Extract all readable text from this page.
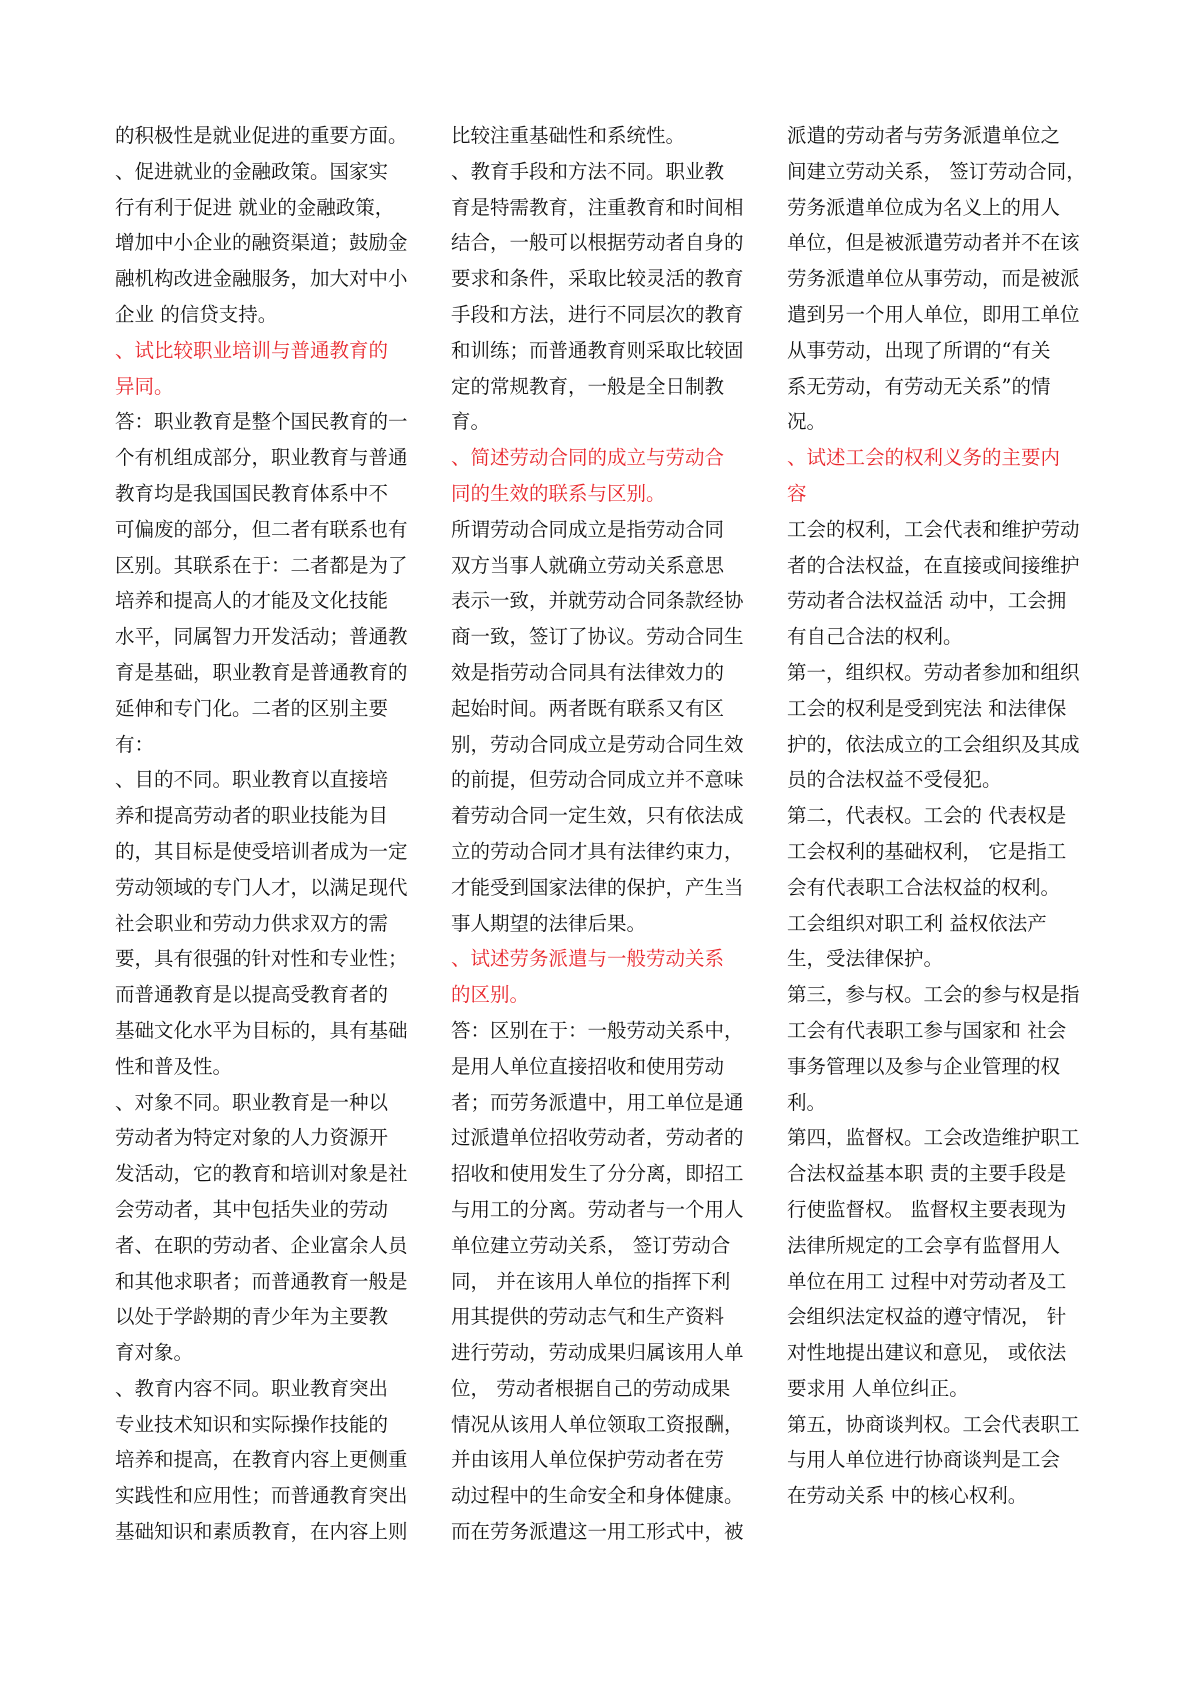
的积极性是就业促进的重要方面。
、促进就业的金融政策。国家实
行有利于促进 就业的金融政策，
增加中小企业的融资渠道；鼓励金
融机构改进金融服务，加大对中小
企业 的信贷支持。
、试比较职业培训与普通教育的
异同。
答：职业教育是整个国民教育的一
个有机组成部分，职业教育与普通
教育均是我国国民教育体系中不
可偏废的部分，但二者有联系也有
区别。其联系在于：二者都是为了
培养和提高人的才能及文化技能
水平，同属智力开发活动；普通教
育是基础，职业教育是普通教育的
延伸和专门化。二者的区别主要
有：
、目的不同。职业教育以直接培
养和提高劳动者的职业技能为目
的，其目标是使受培训者成为一定
劳动领域的专门人才，以满足现代
社会职业和劳动力供求双方的需
要，具有很强的针对性和专业性；
而普通教育是以提高受教育者的
基础文化水平为目标的，具有基础
性和普及性。
、对象不同。职业教育是一种以
劳动者为特定对象的人力资源开
发活动，它的教育和培训对象是社
会劳动者，其中包括失业的劳动
者、在职的劳动者、企业富余人员
和其他求职者；而普通教育一般是
以处于学龄期的青少年为主要教
育对象。
、教育内容不同。职业教育突出
专业技术知识和实际操作技能的
培养和提高，在教育内容上更侧重
实践性和应用性；而普通教育突出
基础知识和素质教育，在内容上则
比较注重基础性和系统性。
、教育手段和方法不同。职业教
育是特需教育，注重教育和时间相
结合，一般可以根据劳动者自身的
要求和条件，采取比较灵活的教育
手段和方法，进行不同层次的教育
和训练；而普通教育则采取比较固
定的常规教育，一般是全日制教
育。
、简述劳动合同的成立与劳动合
同的生效的联系与区别。
所谓劳动合同成立是指劳动合同
双方当事人就确立劳动关系意思
表示一致，并就劳动合同条款经协
商一致，签订了协议。劳动合同生
效是指劳动合同具有法律效力的
起始时间。两者既有联系又有区
别，劳动合同成立是劳动合同生效
的前提，但劳动合同成立并不意味
着劳动合同一定生效，只有依法成
立的劳动合同才具有法律约束力，
才能受到国家法律的保护，产生当
事人期望的法律后果。
、试述劳务派遣与一般劳动关系
的区别。
答：区别在于：一般劳动关系中，
是用人单位直接招收和使用劳动
者；而劳务派遣中，用工单位是通
过派遣单位招收劳动者，劳动者的
招收和使用发生了分分离，即招工
与用工的分离。劳动者与一个用人
单位建立劳动关系， 签订劳动合
同， 并在该用人单位的指挥下利
用其提供的劳动志气和生产资料
进行劳动，劳动成果归属该用人单
位， 劳动者根据自己的劳动成果
情况从该用人单位领取工资报酬，
并由该用人单位保护劳动者在劳
动过程中的生命安全和身体健康。
而在劳务派遣这一用工形式中，被
派遣的劳动者与劳务派遣单位之
间建立劳动关系， 签订劳动合同，
劳务派遣单位成为名义上的用人
单位，但是被派遣劳动者并不在该
劳务派遣单位从事劳动，而是被派
遣到另一个用人单位，即用工单位
从事劳动，出现了所谓的“有关
系无劳动，有劳动无关系”的情
况。
、试述工会的权利义务的主要内
容
工会的权利，工会代表和维护劳动
者的合法权益，在直接或间接维护
劳动者合法权益活 动中，工会拥
有自己合法的权利。
第一，组织权。劳动者参加和组织
工会的权利是受到宪法 和法律保
护的，依法成立的工会组织及其成
员的合法权益不受侵犯。
第二，代表权。工会的 代表权是
工会权利的基础权利， 它是指工
会有代表职工合法权益的权利。
工会组织对职工利 益权依法产
生，受法律保护。
第三，参与权。工会的参与权是指
工会有代表职工参与国家和 社会
事务管理以及参与企业管理的权
利。
第四，监督权。工会改造维护职工
合法权益基本职 责的主要手段是
行使监督权。 监督权主要表现为
法律所规定的工会享有监督用人
单位在用工 过程中对劳动者及工
会组织法定权益的遵守情况， 针
对性地提出建议和意见， 或依法
要求用 人单位纠正。
第五，协商谈判权。工会代表职工
与用人单位进行协商谈判是工会
在劳动关系 中的核心权利。
